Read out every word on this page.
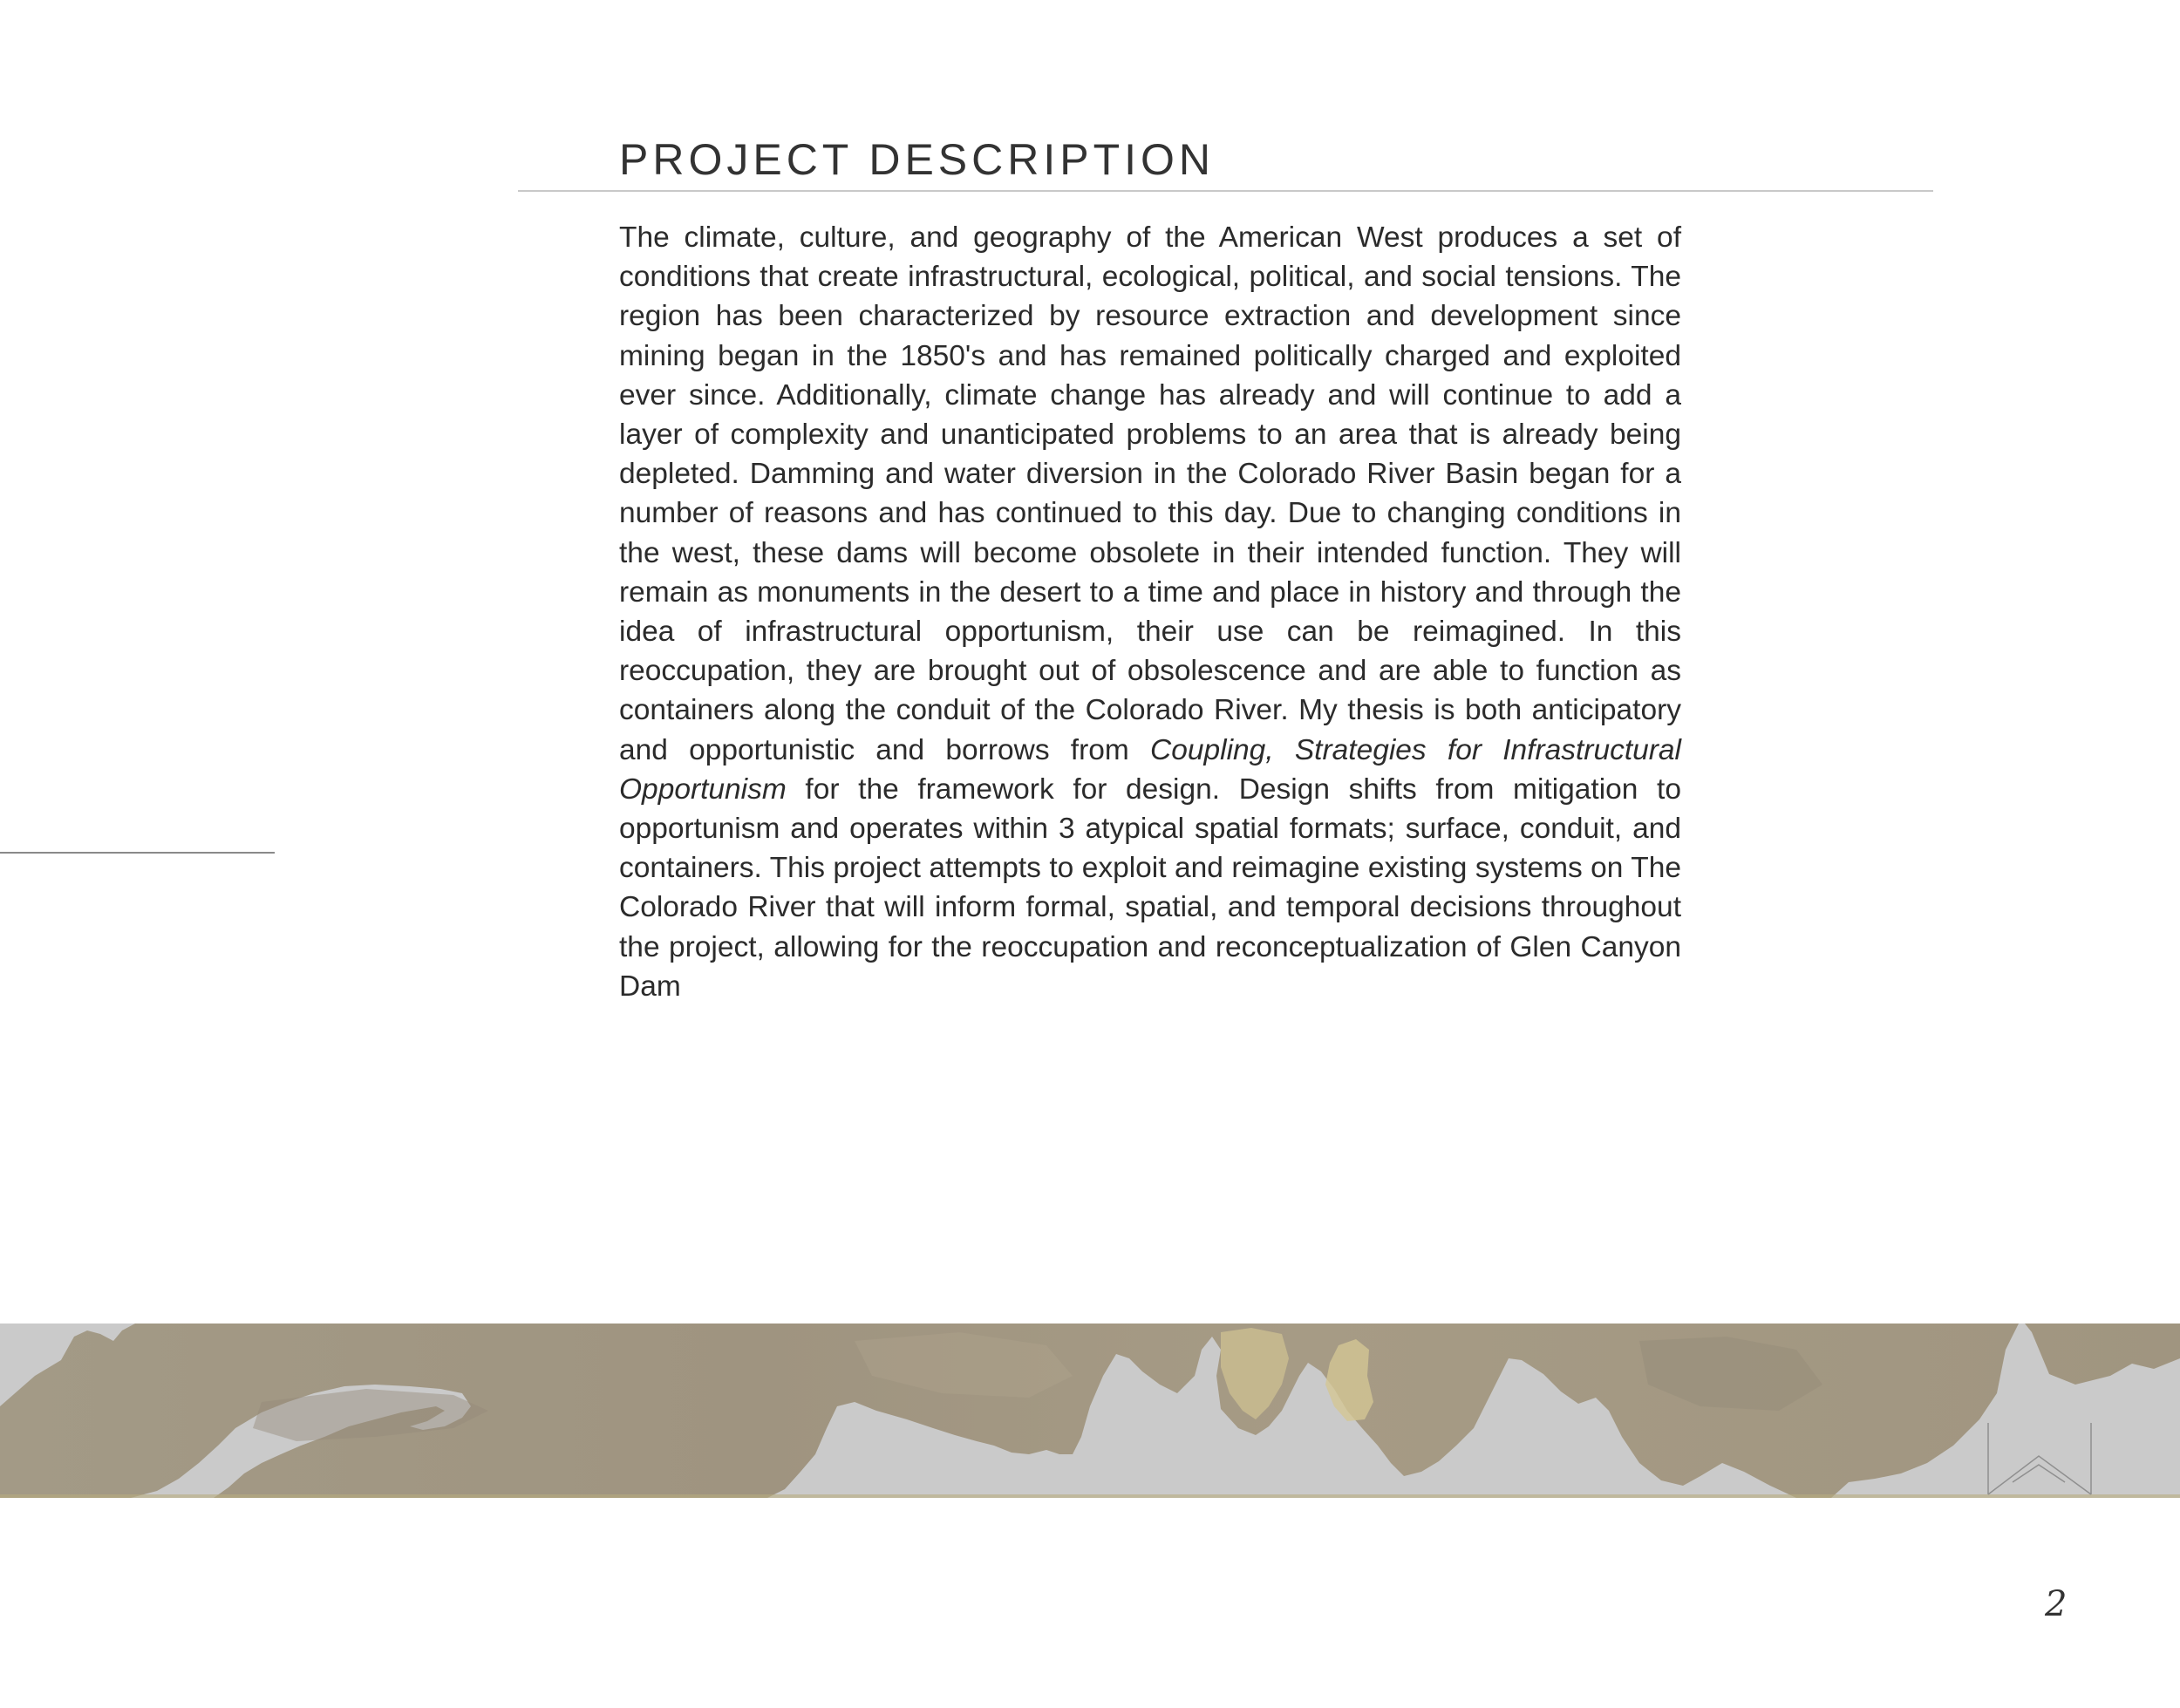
PROJECT DESCRIPTION

The climate, culture, and geography of the American West produces a set of conditions that create infrastructural, ecological, political, and social tensions. The region has been characterized by resource extraction and development since mining began in the 1850's and has remained politically charged and exploited ever since. Additionally, climate change has already and will continue to add a layer of complexity and unanticipated problems to an area that is already being depleted. Damming and water diversion in the Colorado River Basin began for a number of reasons and has continued to this day. Due to changing conditions in the west, these dams will become obsolete in their intended function. They will remain as monuments in the desert to a time and place in history and through the idea of infrastructural opportunism, their use can be reimagined. In this reoccupation, they are brought out of obsolescence and are able to function as containers along the conduit of the Colorado River. My thesis is both anticipatory and opportunistic and borrows from Coupling, Strategies for Infrastructural Opportunism for the framework for design. Design shifts from mitigation to opportunism and operates within 3 atypical spatial formats; surface, conduit, and containers. This project attempts to exploit and reimagine existing systems on The Colorado River that will inform formal, spatial, and temporal decisions throughout the project, allowing for the reoccupation and reconceptualization of Glen Canyon Dam

2
